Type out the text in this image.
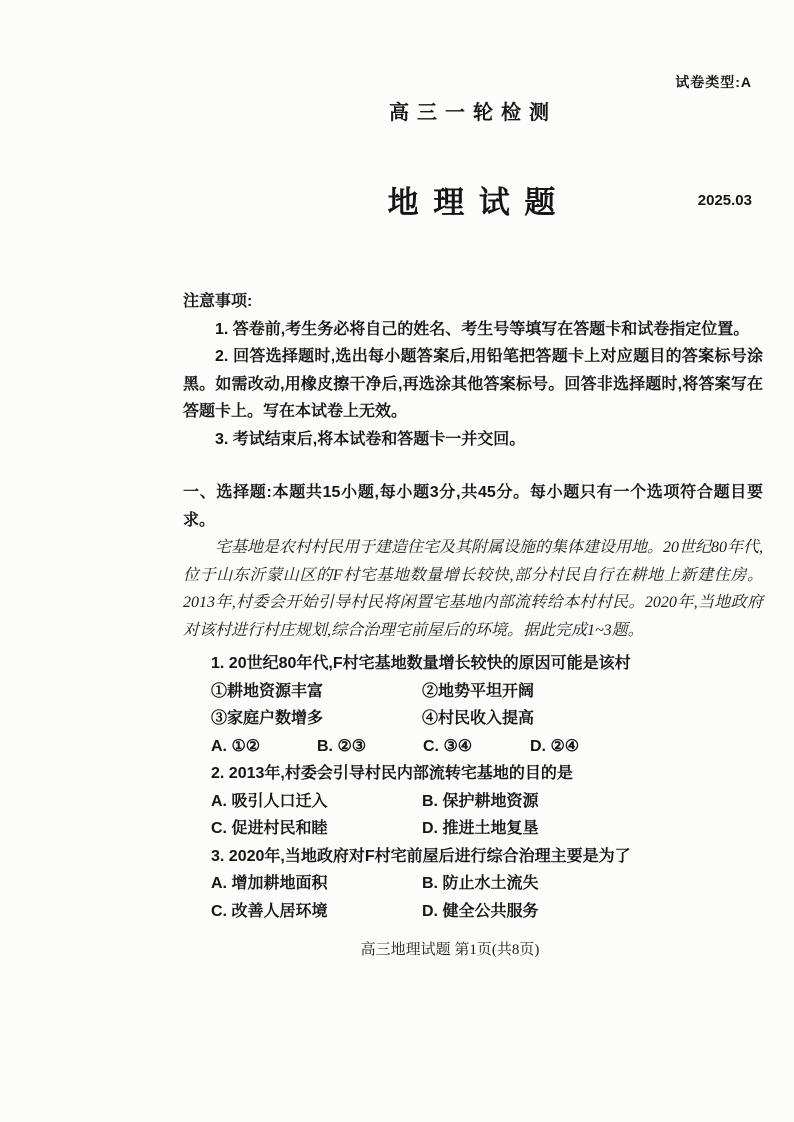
试卷类型:A
高三一轮检测
地 理 试 题	2025.03

注意事项:

1. 答卷前,考生务必将自己的姓名、考生号等填写在答题卡和试卷指定位置。

2. 回答选择题时,选出每小题答案后,用铅笔把答题卡上对应题目的答案标号涂黑。如需改动,用橡皮擦干净后,再选涂其他答案标号。回答非选择题时,将答案写在答题卡上。写在本试卷上无效。

3. 考试结束后,将本试卷和答题卡一并交回。

一、选择题:本题共15小题,每小题3分,共45分。每小题只有一个选项符合题目要求。

宅基地是农村村民用于建造住宅及其附属设施的集体建设用地。20世纪80年代,位于山东沂蒙山区的F村宅基地数量增长较快,部分村民自行在耕地上新建住房。2013年,村委会开始引导村民将闲置宅基地内部流转给本村村民。2020年,当地政府对该村进行村庄规划,综合治理宅前屋后的环境。据此完成1~3题。

1. 20世纪80年代,F村宅基地数量增长较快的原因可能是该村

①耕地资源丰富	②地势平坦开阔
③家庭户数增多	④村民收入提高
A. ①②	B. ②③	C. ③④	D. ②④

2. 2013年,村委会引导村民内部流转宅基地的目的是

A. 吸引人口迁入	B. 保护耕地资源
C. 促进村民和睦	D. 推进土地复垦

3. 2020年,当地政府对F村宅前屋后进行综合治理主要是为了

A. 增加耕地面积	B. 防止水土流失
C. 改善人居环境	D. 健全公共服务
高三地理试题 第1页(共8页)
